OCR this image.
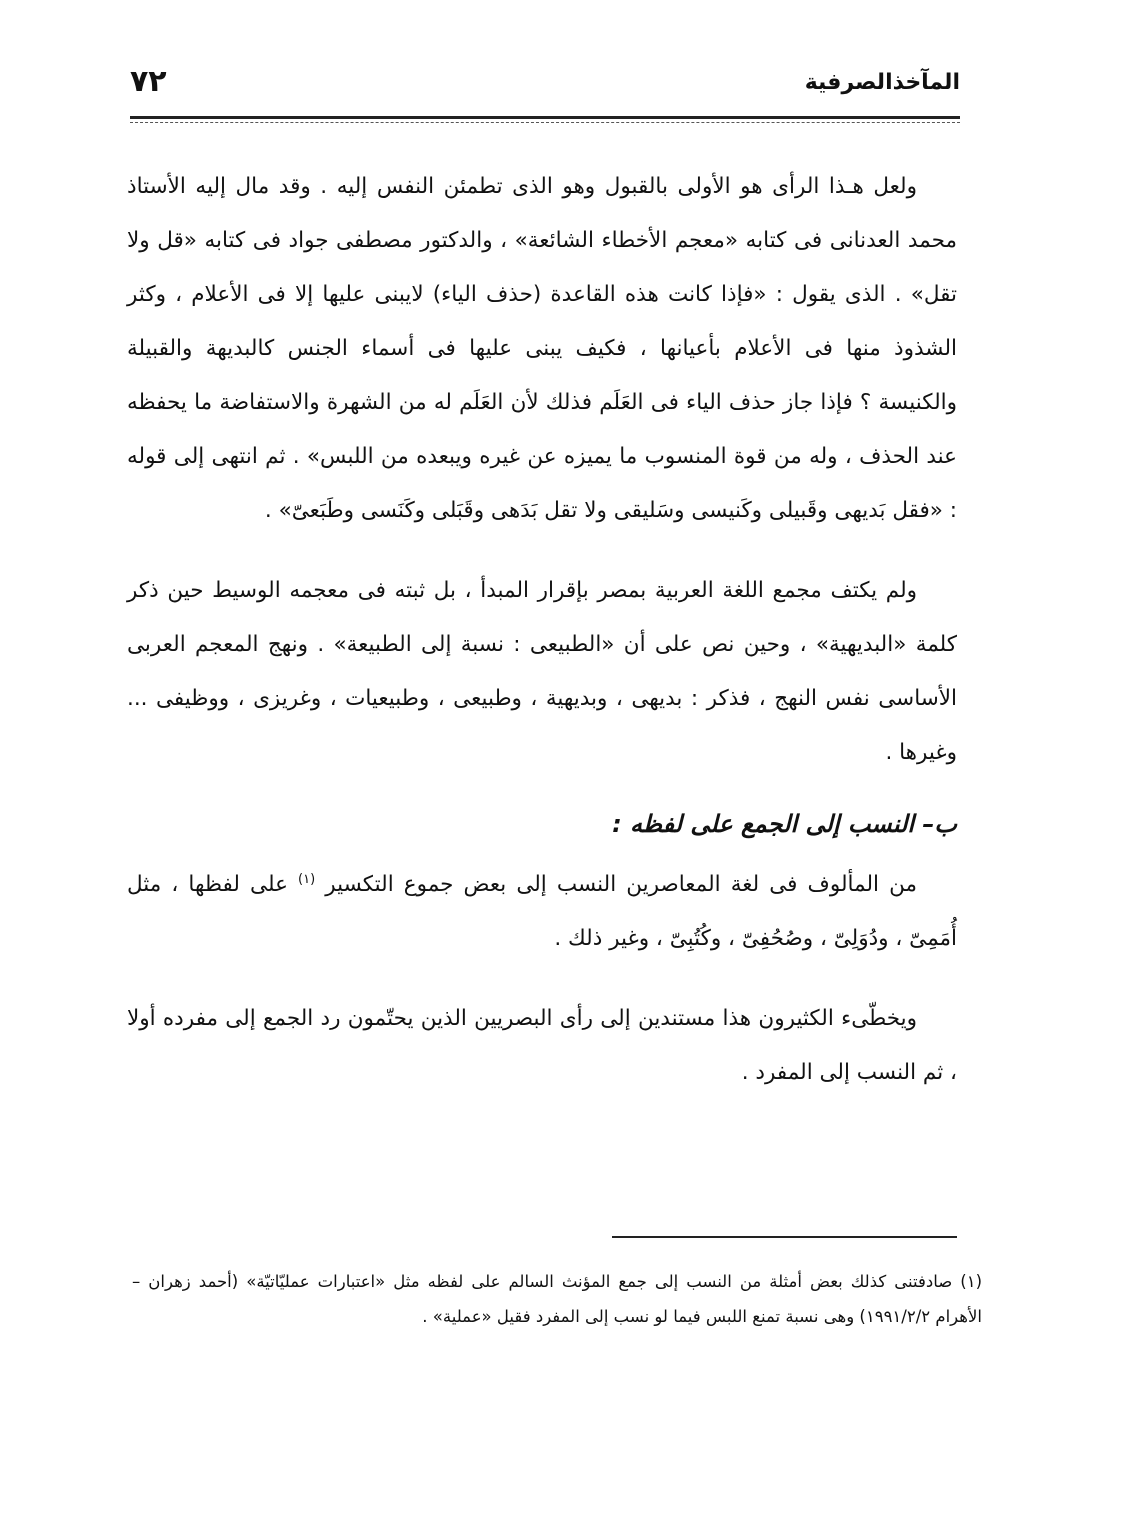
٧٢	المآخذالصرفية

ولعل هـذا الرأى هو الأولى بالقبول وهو الذى تطمئن النفس إليه . وقد مال إليه الأستاذ محمد العدنانى فى كتابه «معجم الأخطاء الشائعة» ، والدكتور مصطفى جواد فى كتابه «قل ولا تقل» . الذى يقول : «فإذا كانت هذه القاعدة (حذف الياء) لايبنى عليها إلا فى الأعلام ، وكثر الشذوذ منها فى الأعلام بأعيانها ، فكيف يبنى عليها فى أسماء الجنس كالبديهة والقبيلة والكنيسة ؟ فإذا جاز حذف الياء فى العَلَم فذلك لأن العَلَم له من الشهرة والاستفاضة ما يحفظه عند الحذف ، وله من قوة المنسوب ما يميزه عن غيره ويبعده من اللبس» . ثم انتهى إلى قوله : «فقل بَديهى وقَبيلى وكَنيسى وسَليقى ولا تقل بَدَهى وقَبَلى وكَنَسى وطَبَعىّ» .

ولم يكتف مجمع اللغة العربية بمصر بإقرار المبدأ ، بل ثبته فى معجمه الوسيط حين ذكر كلمة «البديهية» ، وحين نص على أن «الطبيعى : نسبة إلى الطبيعة» . ونهج المعجم العربى الأساسى نفس النهج ، فذكر : بديهى ، وبديهية ، وطبيعى ، وطبيعيات ، وغريزى ، ووظيفى ... وغيرها .

ب– النسب إلى الجمع على لفظه :

من المألوف فى لغة المعاصرين النسب إلى بعض جموع التكسير $^{(١)}$ على لفظها ، مثل أُمَمِىّ ، ودُوَلِىّ ، وصُحُفِىّ ، وكُتُبِىّ ، وغير ذلك .

ويخطّىء الكثيرون هذا مستندين إلى رأى البصريين الذين يحتّمون رد الجمع إلى مفرده أولا ، ثم النسب إلى المفرد .

(١)صادفتنى كذلك بعض أمثلة من النسب إلى جمع المؤنث السالم على لفظه مثل «اعتبارات عمليّاتيّة» (أحمد زهران – الأهرام ١٩٩١/٢/٢) وهى نسبة تمنع اللبس فيما لو نسب إلى المفرد فقيل «عملية» .
